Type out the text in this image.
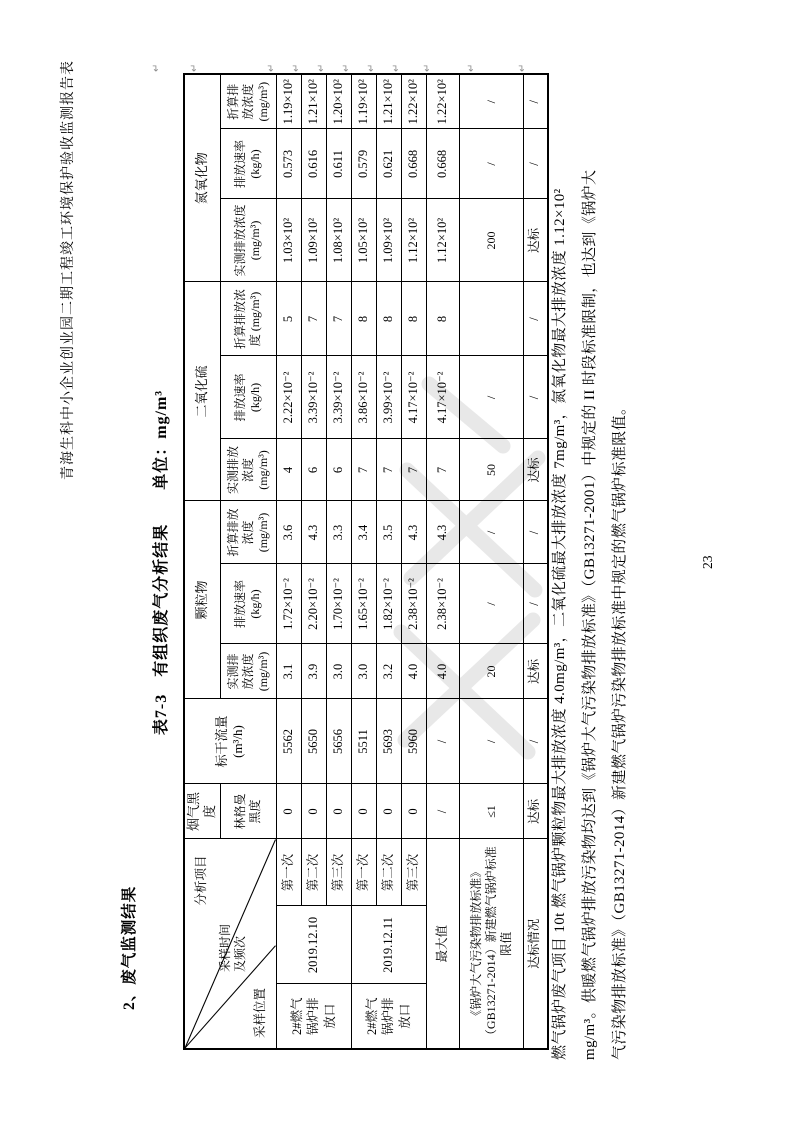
青海生科中小企业创业园二期工程竣工环境保护验收监测报告表
2、废气监测结果
表7-3　有组织废气分析结果　　单位：mg/m³
分析项目
采样时间 及频次
采样位置			烟气黑度	标干流量 (m³/h)	颗粒物			二氧化硫			氮氧化物		
			林格曼黑度		实测排放浓度 (mg/m³)	排放速率 (kg/h)	折算排放浓度 (mg/m³)	实测排放浓度 (mg/m³)	排放速率 (kg/h)	折算排放浓度 (mg/m³)	实测排放浓度 (mg/m³)	排放速率 (kg/h)	折算排放浓度 (mg/m³)
2#燃气锅炉排放口	2019.12.10	第一次	0	5562	3.1	1.72×10⁻²	3.6	4	2.22×10⁻²	5	1.03×10²	0.573	1.19×10²
		第二次	0	5650	3.9	2.20×10⁻²	4.3	6	3.39×10⁻²	7	1.09×10²	0.616	1.21×10²
		第三次	0	5656	3.0	1.70×10⁻²	3.3	6	3.39×10⁻²	7	1.08×10²	0.611	1.20×10²
2#燃气锅炉排放口	2019.12.11	第一次	0	5511	3.0	1.65×10⁻²	3.4	7	3.86×10⁻²	8	1.05×10²	0.579	1.19×10²
		第二次	0	5693	3.2	1.82×10⁻²	3.5	7	3.99×10⁻²	8	1.09×10²	0.621	1.21×10²
		第三次	0	5960	4.0	2.38×10⁻²	4.3	7	4.17×10⁻²	8	1.12×10²	0.668	1.22×10²
最大值			/	/	4.0	2.38×10⁻²	4.3	7	4.17×10⁻²	8	1.12×10²	0.668	1.22×10²
《锅炉大气污染物排放标准》（GB13271-2014）新建燃气锅炉标准限值			≤1	/	20	/	/	50	/		200	/	/
达标情况			达标	/	达标	/	/	达标	/	/	达标	/	/
燃气锅炉废气项目 10t 燃气锅炉颗粒物最大排放浓度 4.0mg/m³，二氧化硫最大排放浓度 7mg/m³，氮氧化物最大排放浓度 1.12×10² mg/m³。供暖燃气锅炉排放污染物均达到《锅炉大气污染物排放标准》（GB13271-2001）中规定的 II 时段标准限制，也达到《锅炉大 气污染物排放标准》（GB13271-2014）新建燃气锅炉污染物排放标准中规定的燃气锅炉标准限值。	23
↵	↵	↵ ↵ ↵ ↵ ↵ ↵ ↵	↵	↵
